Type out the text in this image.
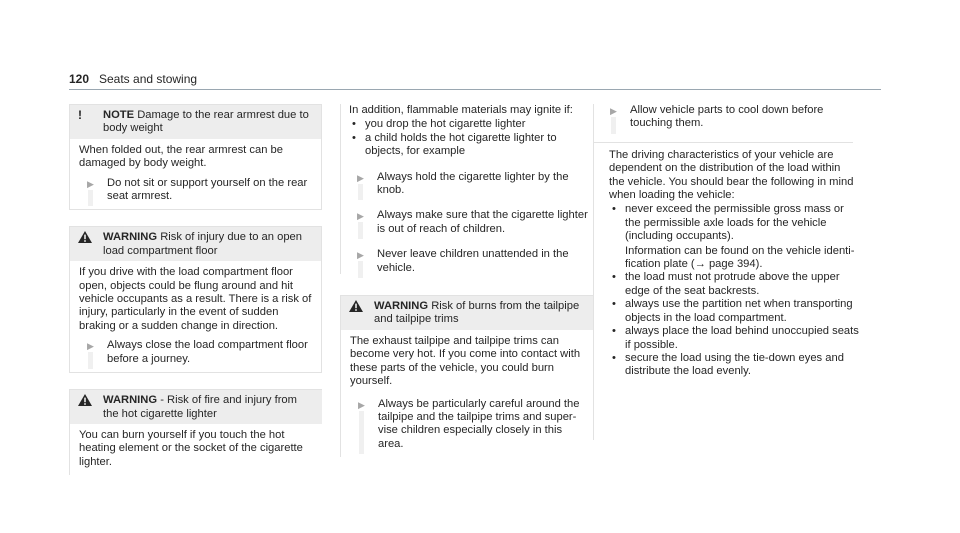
120 Seats and stowing
!	NOTE Damage to the rear armrest due to body weight

When folded out, the rear armrest can be damaged by body weight.

▶ Do not sit or support yourself on the rear seat armrest.
WARNING Risk of injury due to an open load compartment floor

If you drive with the load compartment floor open, objects could be flung around and hit vehicle occupants as a result. There is a risk of injury, particularly in the event of sudden braking or a sudden change in direction.

▶ Always close the load compartment floor before a journey.
WARNING - Risk of fire and injury from the hot cigarette lighter

You can burn yourself if you touch the hot heating element or the socket of the cigarette lighter.

In addition, flammable materials may ignite if:

• you drop the hot cigarette lighter
• a child holds the hot cigarette lighter to objects, for example
▶ Always hold the cigarette lighter by the knob.
▶ Always make sure that the cigarette lighter is out of reach of children.
▶ Never leave children unattended in the vehicle.
WARNING Risk of burns from the tailpipe and tailpipe trims

The exhaust tailpipe and tailpipe trims can become very hot. If you come into contact with these parts of the vehicle, you could burn yourself.

▶ Always be particularly careful around the tailpipe and the tailpipe trims and supervise children especially closely in this area.
▶ Allow vehicle parts to cool down before touching them.

The driving characteristics of your vehicle are dependent on the distribution of the load within the vehicle. You should bear the following in mind when loading the vehicle:

• never exceed the permissible gross mass or the permissible axle loads for the vehicle (including occupants).
Information can be found on the vehicle identification plate (→ page 394).
• the load must not protrude above the upper edge of the seat backrests.
• always use the partition net when transporting objects in the load compartment.
• always place the load behind unoccupied seats if possible.
• secure the load using the tie-down eyes and distribute the load evenly.
